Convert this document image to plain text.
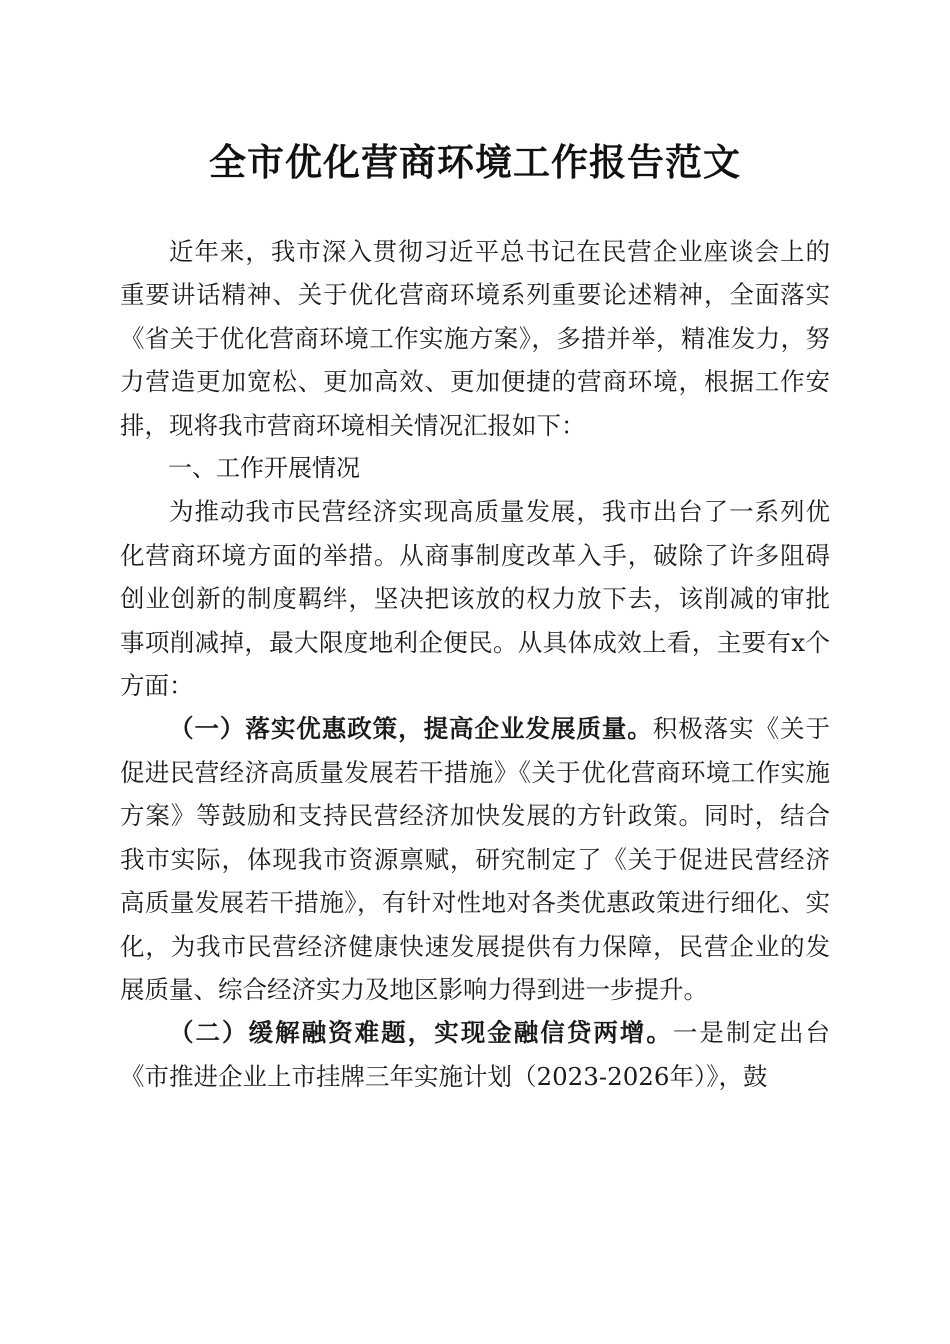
全市优化营商环境工作报告范文

近年来，我市深入贯彻习近平总书记在民营企业座谈会上的重要讲话精神、关于优化营商环境系列重要论述精神，全面落实《省关于优化营商环境工作实施方案》，多措并举，精准发力，努力营造更加宽松、更加高效、更加便捷的营商环境，根据工作安排，现将我市营商环境相关情况汇报如下：

一、工作开展情况

为推动我市民营经济实现高质量发展，我市出台了一系列优化营商环境方面的举措。从商事制度改革入手，破除了许多阻碍创业创新的制度羁绊，坚决把该放的权力放下去，该削减的审批事项削减掉，最大限度地利企便民。从具体成效上看，主要有x个方面：

（一）落实优惠政策，提高企业发展质量。积极落实《关于促进民营经济高质量发展若干措施》《关于优化营商环境工作实施方案》等鼓励和支持民营经济加快发展的方针政策。同时，结合我市实际，体现我市资源禀赋，研究制定了《关于促进民营经济高质量发展若干措施》，有针对性地对各类优惠政策进行细化、实化，为我市民营经济健康快速发展提供有力保障，民营企业的发展质量、综合经济实力及地区影响力得到进一步提升。

（二）缓解融资难题，实现金融信贷两增。一是制定出台《市推进企业上市挂牌三年实施计划（2023-2026年）》，鼓
